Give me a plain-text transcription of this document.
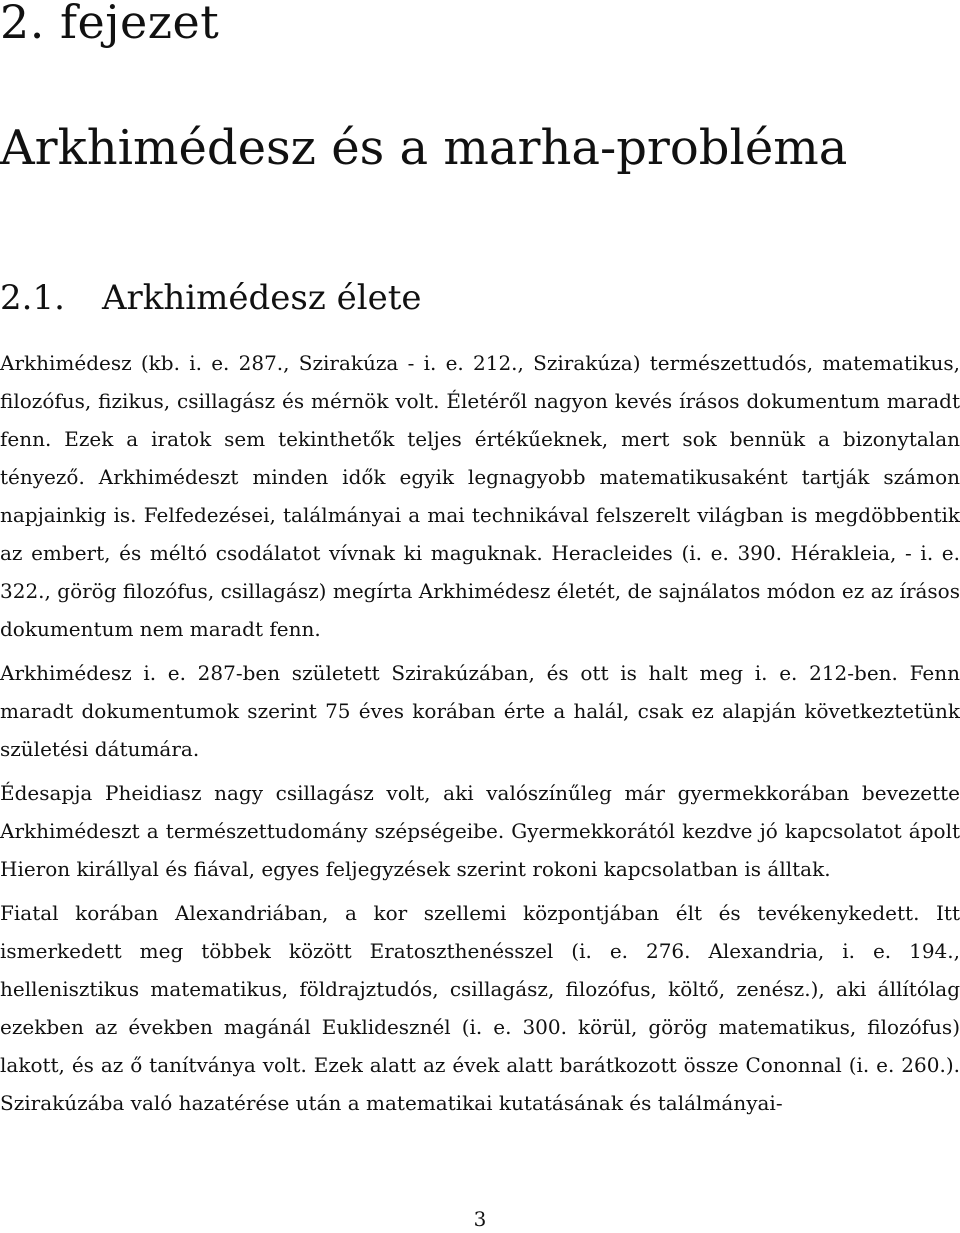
2. fejezet
Arkhimédesz és a marha-probléma
2.1. Arkhimédesz élete

Arkhimédesz (kb. i. e. 287., Szirakúza - i. e. 212., Szirakúza) természettudós, matematikus, filozófus, fizikus, csillagász és mérnök volt. Életéről nagyon kevés írásos dokumentum maradt fenn. Ezek a iratok sem tekinthetők teljes értékűeknek, mert sok bennük a bizonytalan tényező. Arkhimédeszt minden idők egyik legnagyobb matematikusaként tartják számon napjainkig is. Felfedezései, találmányai a mai technikával felszerelt világban is megdöbbentik az embert, és méltó csodálatot vívnak ki maguknak. Heracleides (i. e. 390. Hérakleia, - i. e. 322., görög filozófus, csillagász) megírta Arkhimédesz életét, de sajnálatos módon ez az írásos dokumentum nem maradt fenn.

Arkhimédesz i. e. 287-ben született Szirakúzában, és ott is halt meg i. e. 212-ben. Fenn maradt dokumentumok szerint 75 éves korában érte a halál, csak ez alapján következtetünk születési dátumára.

Édesapja Pheidiasz nagy csillagász volt, aki valószínűleg már gyermekkorában bevezette Arkhimédeszt a természettudomány szépségeibe. Gyermekkorától kezdve jó kapcsolatot ápolt Hieron királlyal és fiával, egyes feljegyzések szerint rokoni kapcsolatban is álltak.

Fiatal korában Alexandriában, a kor szellemi központjában élt és tevékenykedett. Itt ismerkedett meg többek között Eratoszthenésszel (i. e. 276. Alexandria, i. e. 194., hellenisztikus matematikus, földrajztudós, csillagász, filozófus, költő, zenész.), aki állítólag ezekben az években magánál Euklidesznél (i. e. 300. körül, görög matematikus, filozófus) lakott, és az ő tanítványa volt. Ezek alatt az évek alatt barátkozott össze Cononnal (i. e. 260.). Szirakúzába való hazatérése után a matematikai kutatásának és találmányai-

3
